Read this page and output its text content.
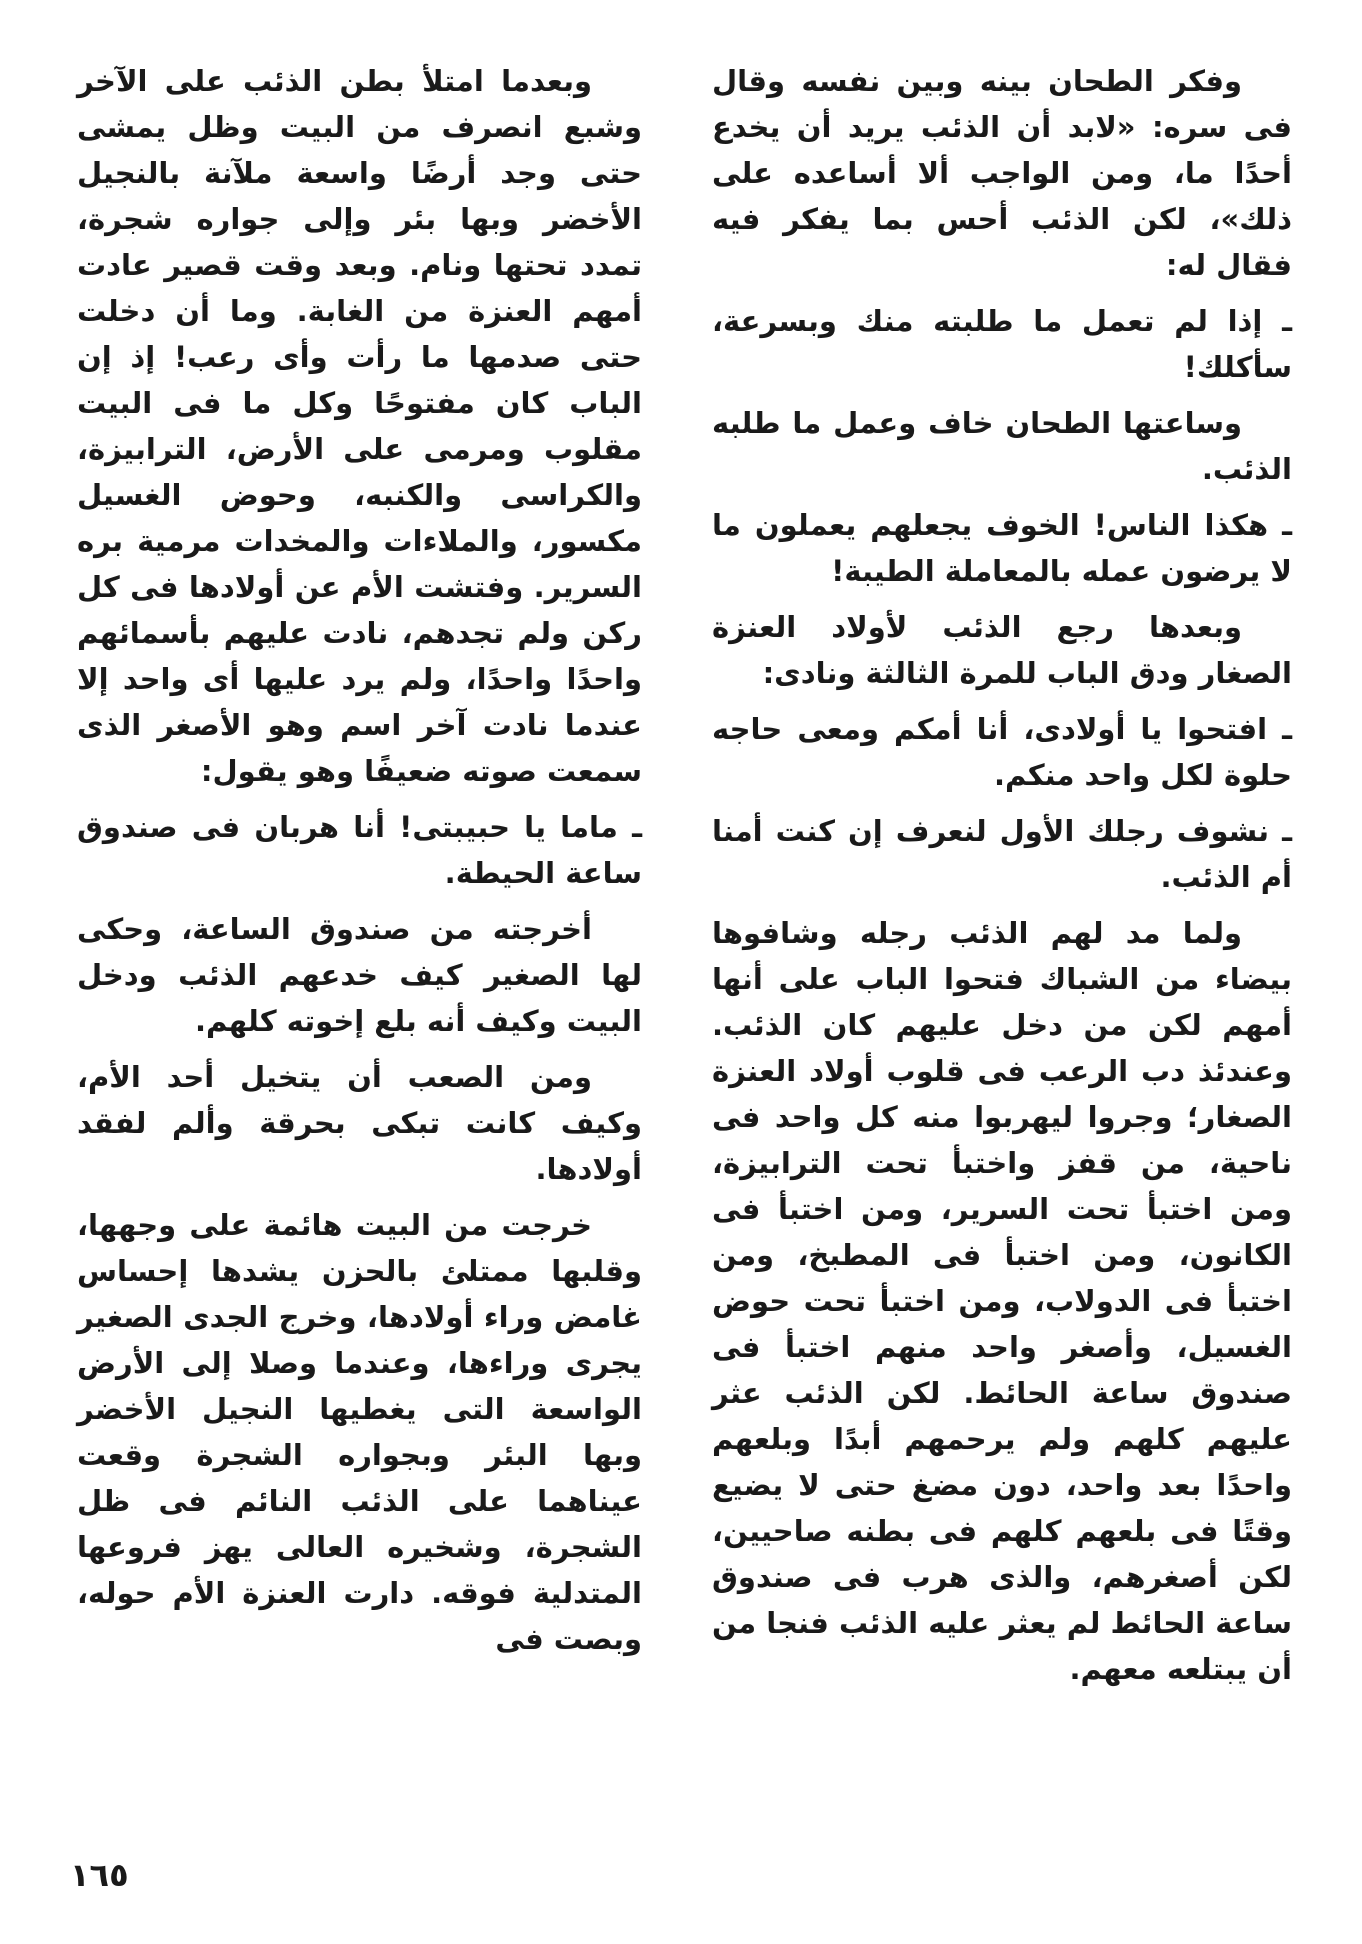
وفكر الطحان بينه وبين نفسه وقال فى سره: «لابد أن الذئب يريد أن يخدع أحدًا ما، ومن الواجب ألا أساعده على ذلك»، لكن الذئب أحس بما يفكر فيه فقال له:

ـ إذا لم تعمل ما طلبته منك وبسرعة، سأكلك!

وساعتها الطحان خاف وعمل ما طلبه الذئب.

ـ هكذا الناس! الخوف يجعلهم يعملون ما لا يرضون عمله بالمعاملة الطيبة!

وبعدها رجع الذئب لأولاد العنزة الصغار ودق الباب للمرة الثالثة ونادى:

ـ افتحوا يا أولادى، أنا أمكم ومعى حاجه حلوة لكل واحد منكم.

ـ نشوف رجلك الأول لنعرف إن كنت أمنا أم الذئب.

ولما مد لهم الذئب رجله وشافوها بيضاء من الشباك فتحوا الباب على أنها أمهم لكن من دخل عليهم كان الذئب. وعندئذ دب الرعب فى قلوب أولاد العنزة الصغار؛ وجروا ليهربوا منه كل واحد فى ناحية، من قفز واختبأ تحت الترابيزة، ومن اختبأ تحت السرير، ومن اختبأ فى الكانون، ومن اختبأ فى المطبخ، ومن اختبأ فى الدولاب، ومن اختبأ تحت حوض الغسيل، وأصغر واحد منهم اختبأ فى صندوق ساعة الحائط. لكن الذئب عثر عليهم كلهم ولم يرحمهم أبدًا وبلعهم واحدًا بعد واحد، دون مضغ حتى لا يضيع وقتًا فى بلعهم كلهم فى بطنه صاحيين، لكن أصغرهم، والذى هرب فى صندوق ساعة الحائط لم يعثر عليه الذئب فنجا من أن يبتلعه معهم.

وبعدما امتلأ بطن الذئب على الآخر وشبع انصرف من البيت وظل يمشى حتى وجد أرضًا واسعة ملآنة بالنجيل الأخضر وبها بئر وإلى جواره شجرة، تمدد تحتها ونام. وبعد وقت قصير عادت أمهم العنزة من الغابة. وما أن دخلت حتى صدمها ما رأت وأى رعب! إذ إن الباب كان مفتوحًا وكل ما فى البيت مقلوب ومرمى على الأرض، الترابيزة، والكراسى والكنبه، وحوض الغسيل مكسور، والملاءات والمخدات مرمية بره السرير. وفتشت الأم عن أولادها فى كل ركن ولم تجدهم، نادت عليهم بأسمائهم واحدًا واحدًا، ولم يرد عليها أى واحد إلا عندما نادت آخر اسم وهو الأصغر الذى سمعت صوته ضعيفًا وهو يقول:

ـ ماما يا حبيبتى! أنا هربان فى صندوق ساعة الحيطة.

أخرجته من صندوق الساعة، وحكى لها الصغير كيف خدعهم الذئب ودخل البيت وكيف أنه بلع إخوته كلهم.

ومن الصعب أن يتخيل أحد الأم، وكيف كانت تبكى بحرقة وألم لفقد أولادها.

خرجت من البيت هائمة على وجهها، وقلبها ممتلئ بالحزن يشدها إحساس غامض وراء أولادها، وخرج الجدى الصغير يجرى وراءها، وعندما وصلا إلى الأرض الواسعة التى يغطيها النجيل الأخضر وبها البئر وبجواره الشجرة وقعت عيناهما على الذئب النائم فى ظل الشجرة، وشخيره العالى يهز فروعها المتدلية فوقه. دارت العنزة الأم حوله، وبصت فى

١٦٥
